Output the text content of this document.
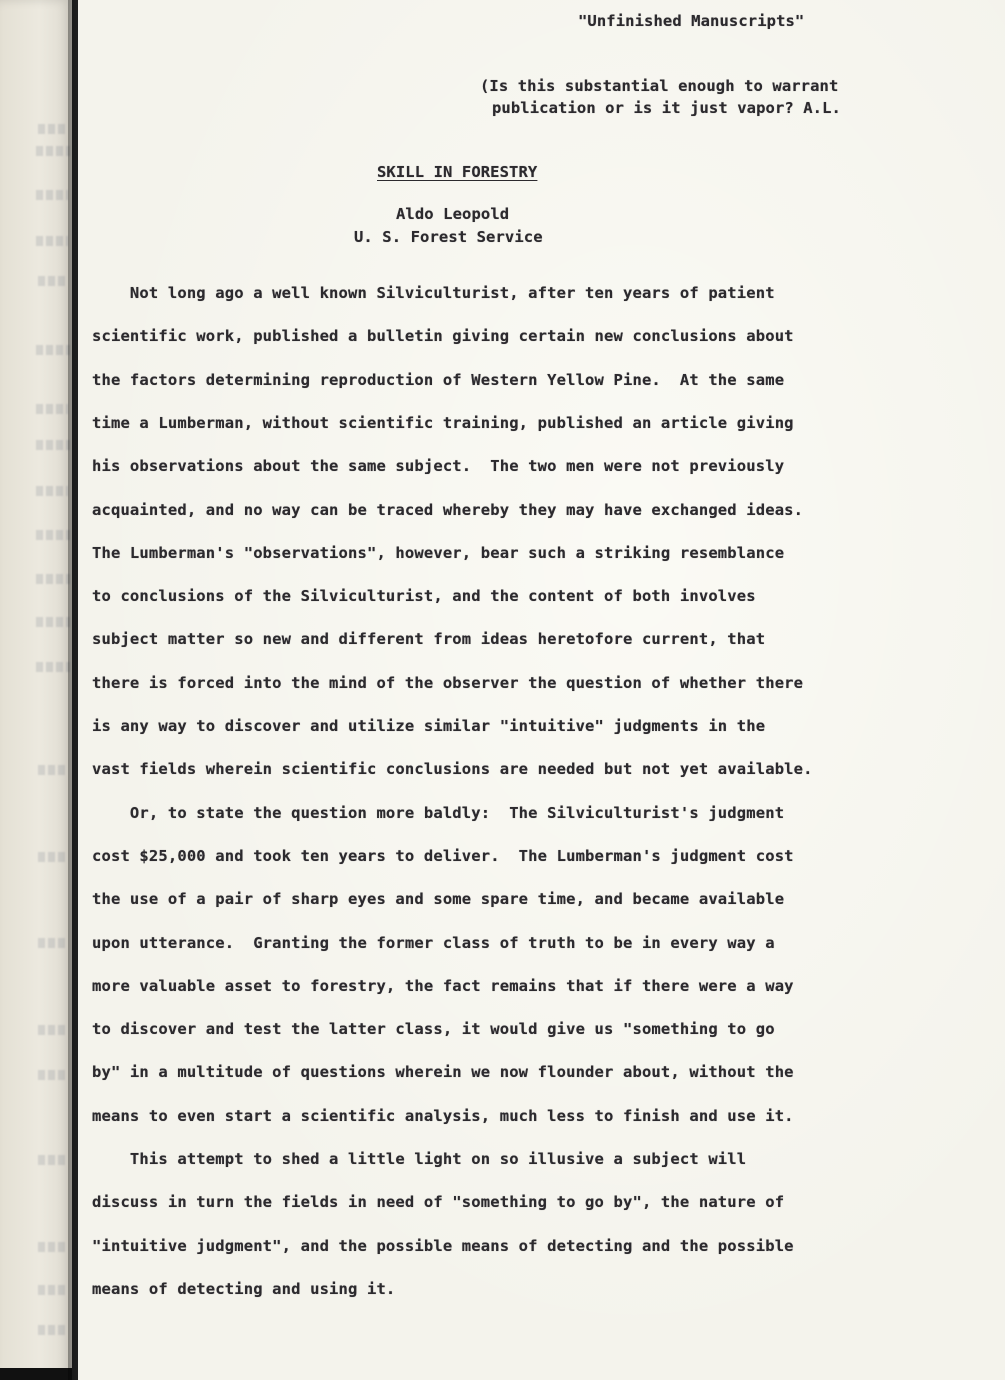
"Unfinished Manuscripts"
(Is this substantial enough to warrant
publication or is it just vapor? A.L.
SKILL IN FORESTRY
Aldo Leopold
U. S. Forest Service
Not long ago a well known Silviculturist, after ten years of patient
scientific work, published a bulletin giving certain new conclusions about
the factors determining reproduction of Western Yellow Pine.  At the same
time a Lumberman, without scientific training, published an article giving
his observations about the same subject.  The two men were not previously
acquainted, and no way can be traced whereby they may have exchanged ideas.
The Lumberman's "observations", however, bear such a striking resemblance
to conclusions of the Silviculturist, and the content of both involves
subject matter so new and different from ideas heretofore current, that
there is forced into the mind of the observer the question of whether there
is any way to discover and utilize similar "intuitive" judgments in the
vast fields wherein scientific conclusions are needed but not yet available.
Or, to state the question more baldly:  The Silviculturist's judgment
cost $25,000 and took ten years to deliver.  The Lumberman's judgment cost
the use of a pair of sharp eyes and some spare time, and became available
upon utterance.  Granting the former class of truth to be in every way a
more valuable asset to forestry, the fact remains that if there were a way
to discover and test the latter class, it would give us "something to go
by" in a multitude of questions wherein we now flounder about, without the
means to even start a scientific analysis, much less to finish and use it.
This attempt to shed a little light on so illusive a subject will
discuss in turn the fields in need of "something to go by", the nature of
"intuitive judgment", and the possible means of detecting and the possible
means of detecting and using it.
